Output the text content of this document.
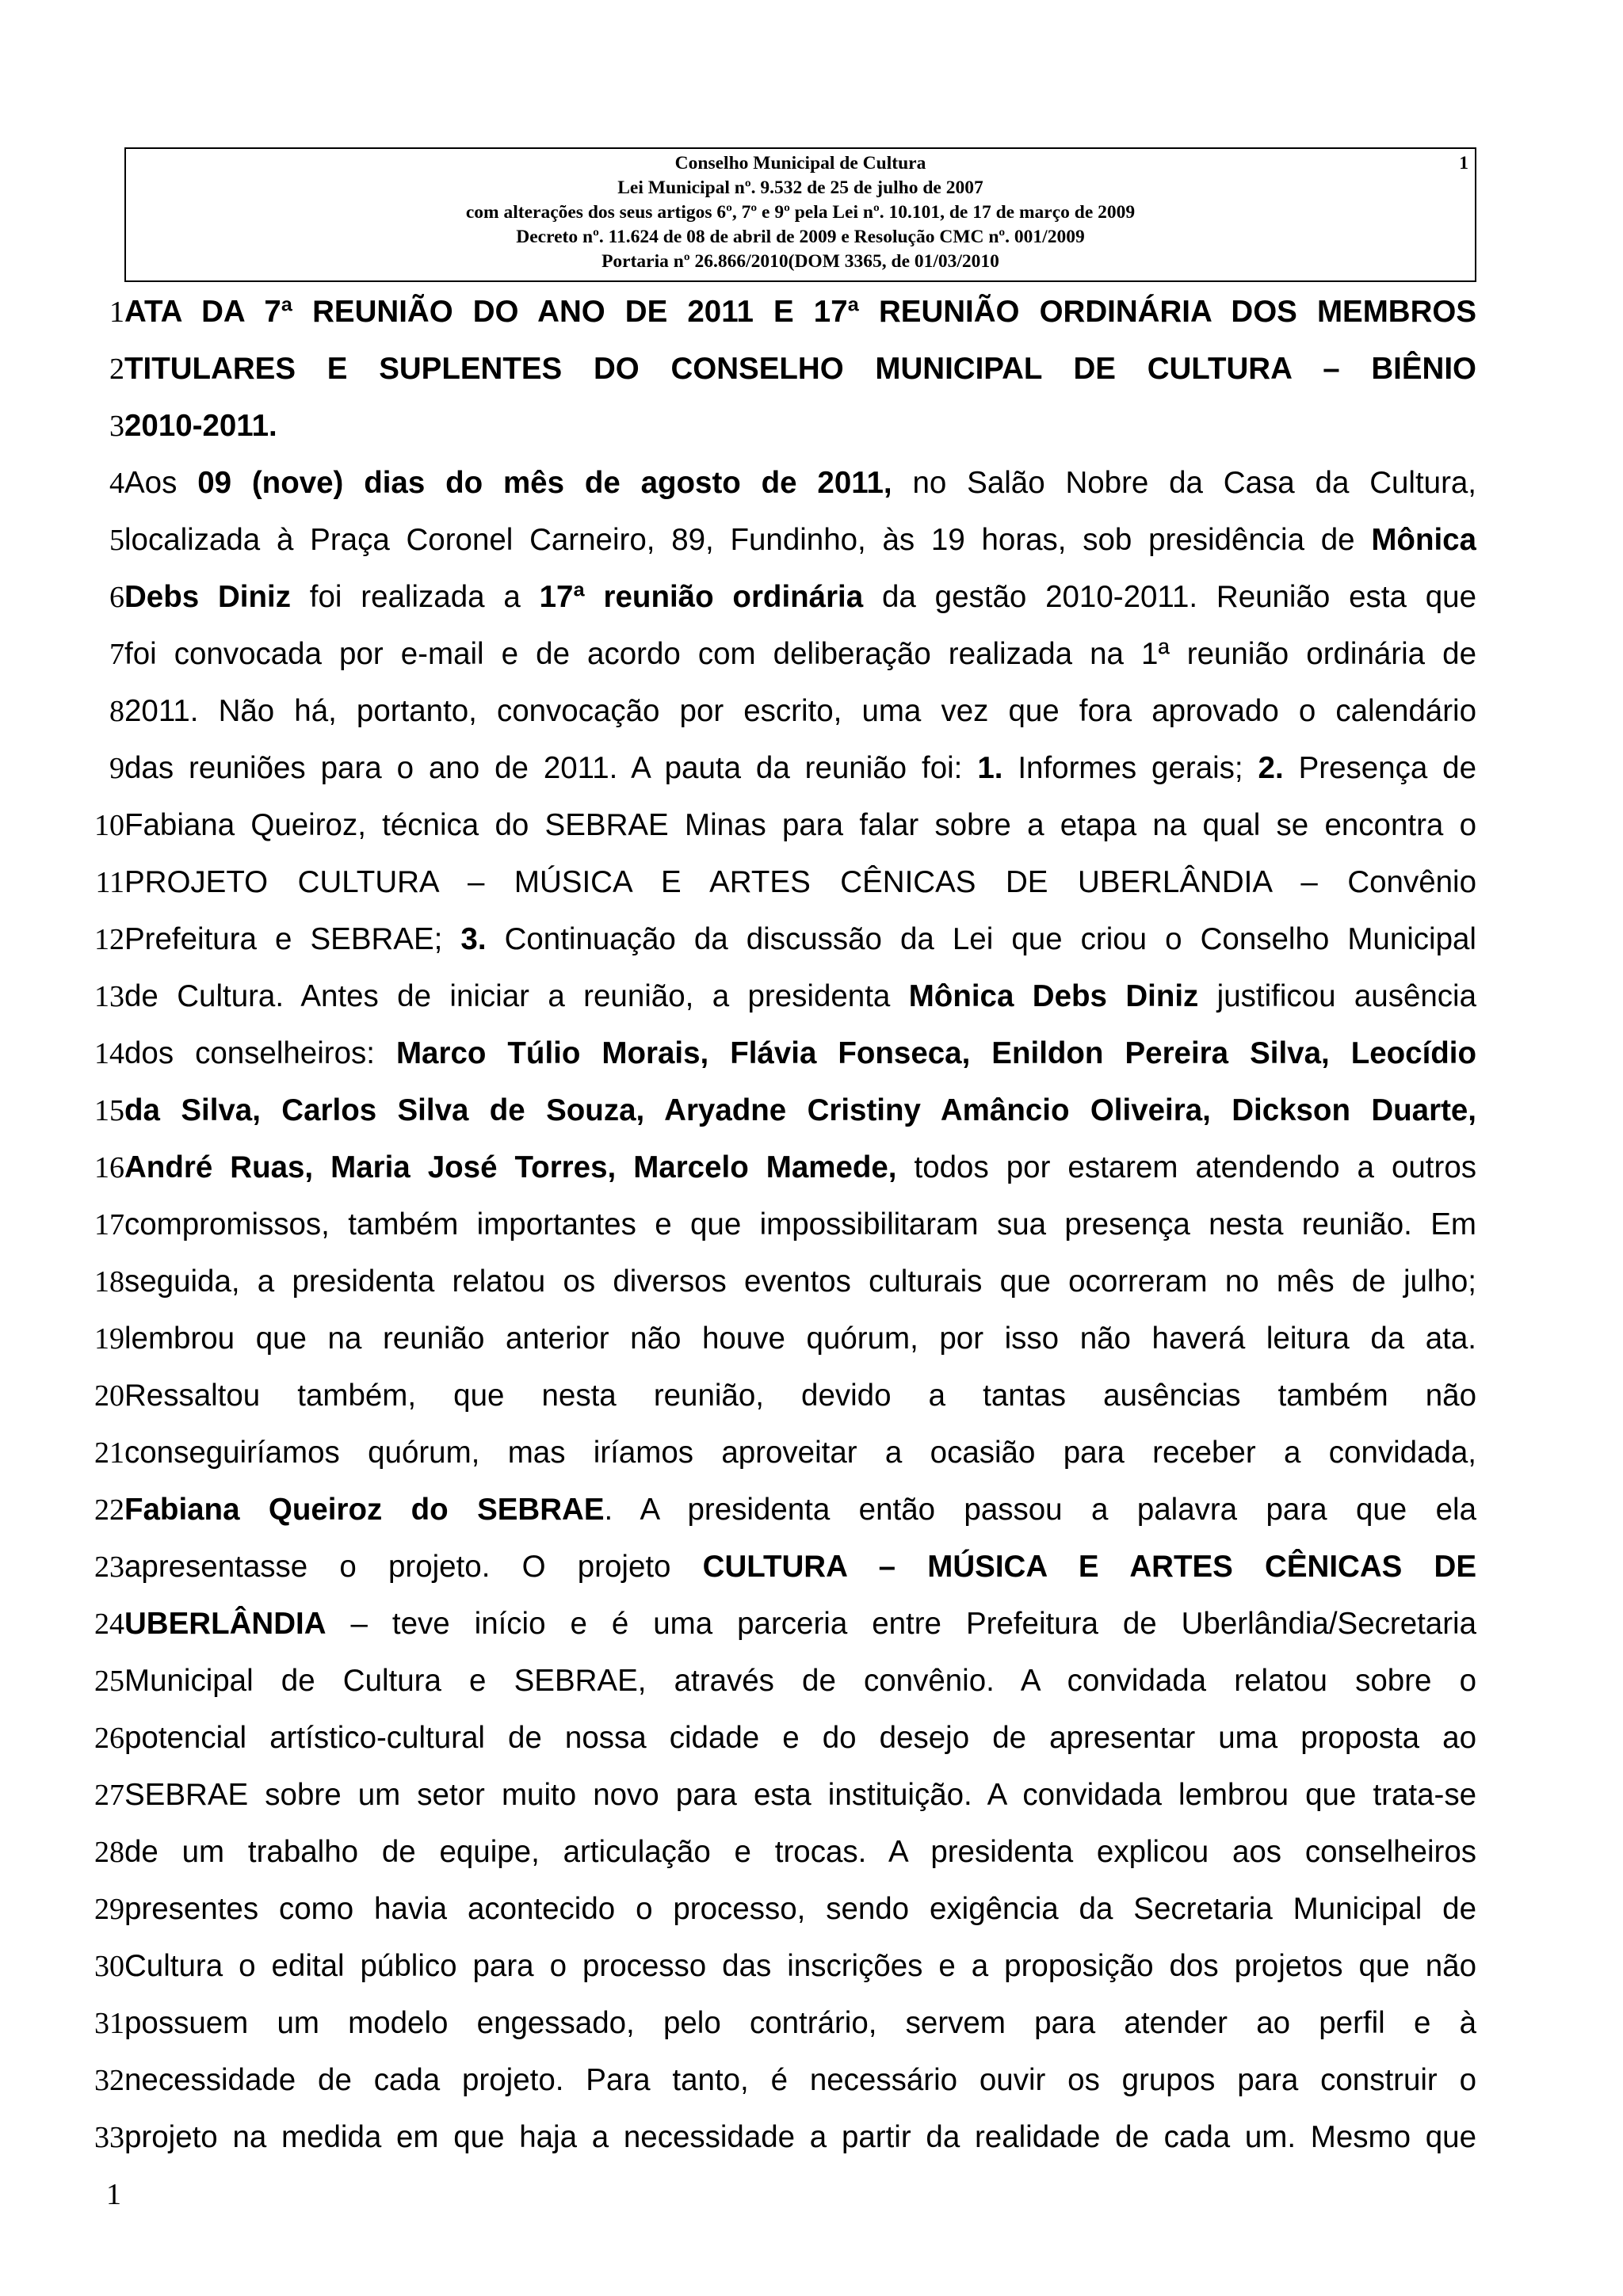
1
Conselho Municipal de Cultura
Lei Municipal nº. 9.532 de 25 de julho de 2007
com alterações dos seus artigos 6º, 7º e 9º pela Lei nº. 10.101, de 17 de março de 2009
Decreto nº. 11.624 de 08 de abril de 2009 e Resolução CMC nº. 001/2009
Portaria nº 26.866/2010(DOM 3365, de 01/03/2010
1 ATA DA 7ª REUNIÃO DO ANO DE 2011 E 17ª REUNIÃO ORDINÁRIA DOS MEMBROS
2 TITULARES E SUPLENTES DO CONSELHO MUNICIPAL DE CULTURA – BIÊNIO
3 2010-2011.
4 Aos 09 (nove) dias do mês de agosto de 2011, no Salão Nobre da Casa da Cultura,
5 localizada à Praça Coronel Carneiro, 89, Fundinho, às 19 horas, sob presidência de Mônica
6 Debs Diniz foi realizada a 17ª reunião ordinária da gestão 2010-2011. Reunião esta que
7 foi convocada por e-mail e de acordo com deliberação realizada na 1ª reunião ordinária de
8 2011. Não há, portanto, convocação por escrito, uma vez que fora aprovado o calendário
9 das reuniões para o ano de 2011. A pauta da reunião foi: 1. Informes gerais; 2. Presença de
10 Fabiana Queiroz, técnica do SEBRAE Minas para falar sobre a etapa na qual se encontra o
11 PROJETO CULTURA – MÚSICA E ARTES CÊNICAS DE UBERLÂNDIA – Convênio
12 Prefeitura e SEBRAE; 3. Continuação da discussão da Lei que criou o Conselho Municipal
13 de Cultura. Antes de iniciar a reunião, a presidenta Mônica Debs Diniz justificou ausência
14 dos conselheiros: Marco Túlio Morais, Flávia Fonseca, Enildon Pereira Silva, Leocídio
15 da Silva, Carlos Silva de Souza, Aryadne Cristiny Amâncio Oliveira, Dickson Duarte,
16 André Ruas, Maria José Torres, Marcelo Mamede, todos por estarem atendendo a outros
17 compromissos, também importantes e que impossibilitaram sua presença nesta reunião. Em
18 seguida, a presidenta relatou os diversos eventos culturais que ocorreram no mês de julho;
19 lembrou que na reunião anterior não houve quórum, por isso não haverá leitura da ata.
20 Ressaltou também, que nesta reunião, devido a tantas ausências também não
21 conseguiríamos quórum, mas iríamos aproveitar a ocasião para receber a convidada,
22 Fabiana Queiroz do SEBRAE. A presidenta então passou a palavra para que ela
23 apresentasse o projeto. O projeto CULTURA – MÚSICA E ARTES CÊNICAS DE
24 UBERLÂNDIA – teve início e é uma parceria entre Prefeitura de Uberlândia/Secretaria
25 Municipal de Cultura e SEBRAE, através de convênio. A convidada relatou sobre o
26 potencial artístico-cultural de nossa cidade e do desejo de apresentar uma proposta ao
27 SEBRAE sobre um setor muito novo para esta instituição. A convidada lembrou que trata-se
28 de um trabalho de equipe, articulação e trocas. A presidenta explicou aos conselheiros
29 presentes como havia acontecido o processo, sendo exigência da Secretaria Municipal de
30 Cultura o edital público para o processo das inscrições e a proposição dos projetos que não
31 possuem um modelo engessado, pelo contrário, servem para atender ao perfil e à
32 necessidade de cada projeto. Para tanto, é necessário ouvir os grupos para construir o
33 projeto na medida em que haja a necessidade a partir da realidade de cada um. Mesmo que
1
